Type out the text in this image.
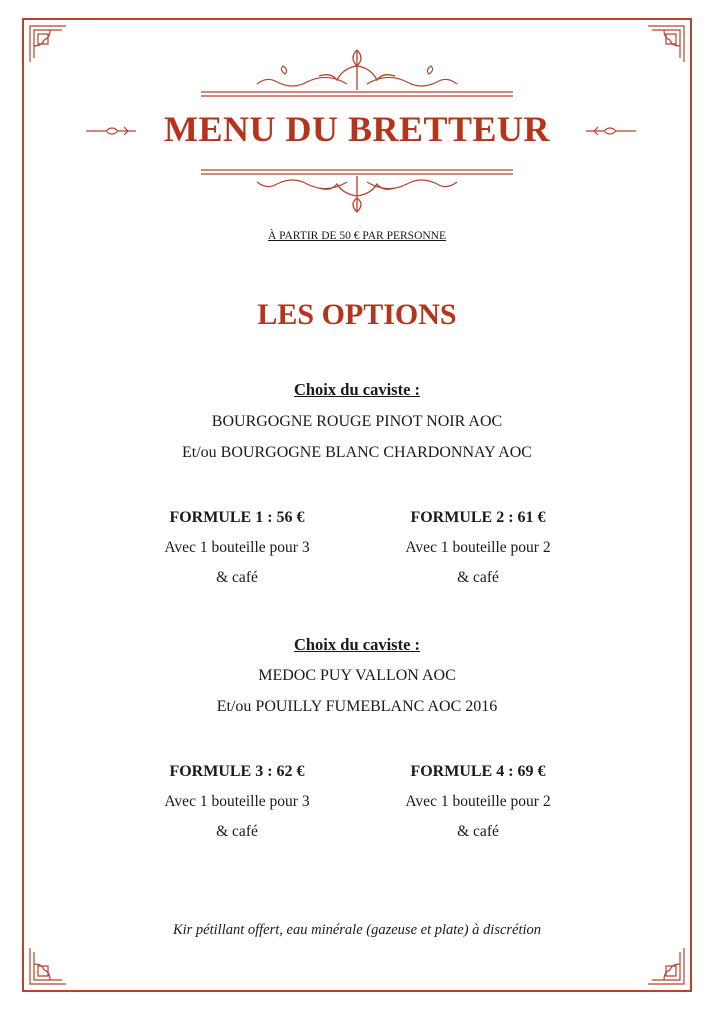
MENU DU BRETTEUR
À PARTIR DE 50 € PAR PERSONNE
LES OPTIONS
Choix du caviste :
BOURGOGNE ROUGE PINOT NOIR AOC
Et/ou BOURGOGNE BLANC CHARDONNAY AOC
FORMULE 1 : 56 €
Avec 1 bouteille pour 3
& café
FORMULE 2 : 61 €
Avec 1 bouteille pour 2
& café
Choix du caviste :
MEDOC PUY VALLON AOC
Et/ou POUILLY FUMEBLANC AOC 2016
FORMULE 3 : 62 €
Avec 1 bouteille pour 3
& café
FORMULE 4 : 69 €
Avec 1 bouteille pour 2
& café
Kir pétillant offert, eau minérale (gazeuse et plate) à discrétion
